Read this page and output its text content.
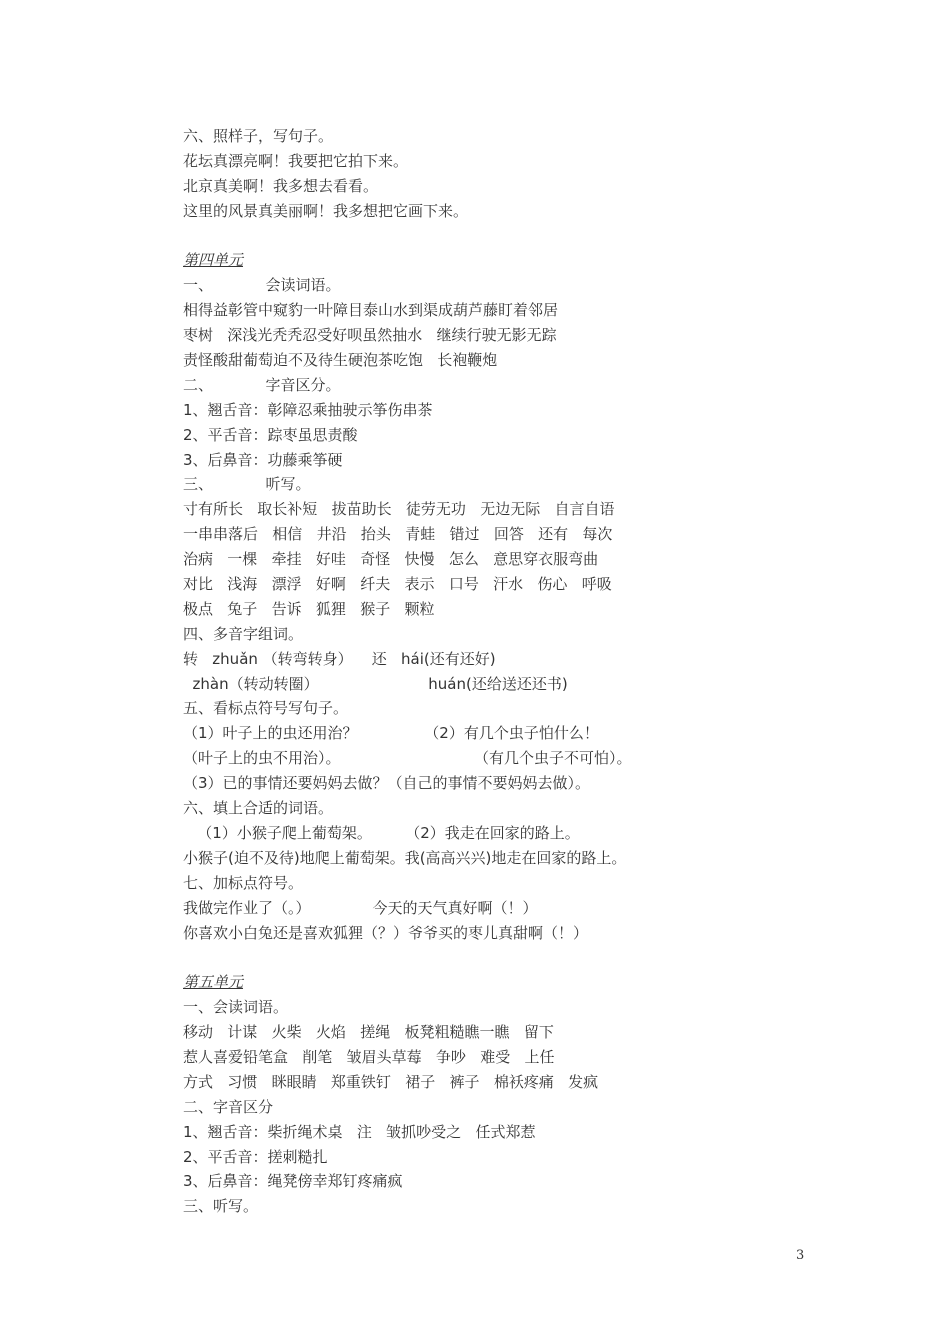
六、照样子，写句子。
花坛真漂亮啊！我要把它拍下来。
北京真美啊！我多想去看看。
这里的风景真美丽啊！我多想把它画下来。
第四单元
一、           会读词语。
相得益彰管中窥豹一叶障目泰山水到渠成葫芦藤盯着邻居
枣树   深浅光秃秃忍受好呗虽然抽水   继续行驶无影无踪
责怪酸甜葡萄迫不及待生硬泡茶吃饱   长袍鞭炮
二、           字音区分。
1、翘舌音：彰障忍乘抽驶示筝伤串茶
2、平舌音：踪枣虽思责酸
3、后鼻音：功藤乘筝硬
三、           听写。
寸有所长   取长补短   拔苗助长   徒劳无功   无边无际   自言自语
一串串落后   相信   井沿   抬头   青蛙   错过   回答   还有   每次
治病   一棵   牵挂   好哇   奇怪   快慢   怎么   意思穿衣服弯曲
对比   浅海   漂浮   好啊   纤夫   表示   口号   汗水   伤心   呼吸
极点   兔子   告诉   狐狸   猴子   颗粒
四、多音字组词。
转   zhuǎn （转弯转身）    还   hái(还有还好)
zhàn（转动转圈）                       huán(还给送还还书)
五、看标点符号写句子。
（1）叶子上的虫还用治？              （2）有几个虫子怕什么！
（叶子上的虫不用治）。                            （有几个虫子不可怕）。
（3）已的事情还要妈妈去做？（自己的事情不要妈妈去做）。
六、填上合适的词语。
（1）小猴子爬上葡萄架。       （2）我走在回家的路上。
小猴子(迫不及待)地爬上葡萄架。我(高高兴兴)地走在回家的路上。
七、加标点符号。
我做完作业了（。）             今天的天气真好啊（！）
你喜欢小白兔还是喜欢狐狸（？）爷爷买的枣儿真甜啊（！）
第五单元
一、会读词语。
移动   计谋   火柴   火焰   搓绳   板凳粗糙瞧一瞧   留下
惹人喜爱铅笔盒   削笔   皱眉头草莓   争吵   难受   上任
方式   习惯   眯眼睛   郑重铁钉   裙子   裤子   棉袄疼痛   发疯
二、字音区分
1、翘舌音：柴折绳术桌   注   皱抓吵受之   任式郑惹
2、平舌音：搓刺糙扎
3、后鼻音：绳凳傍幸郑钉疼痛疯
三、听写。
3
